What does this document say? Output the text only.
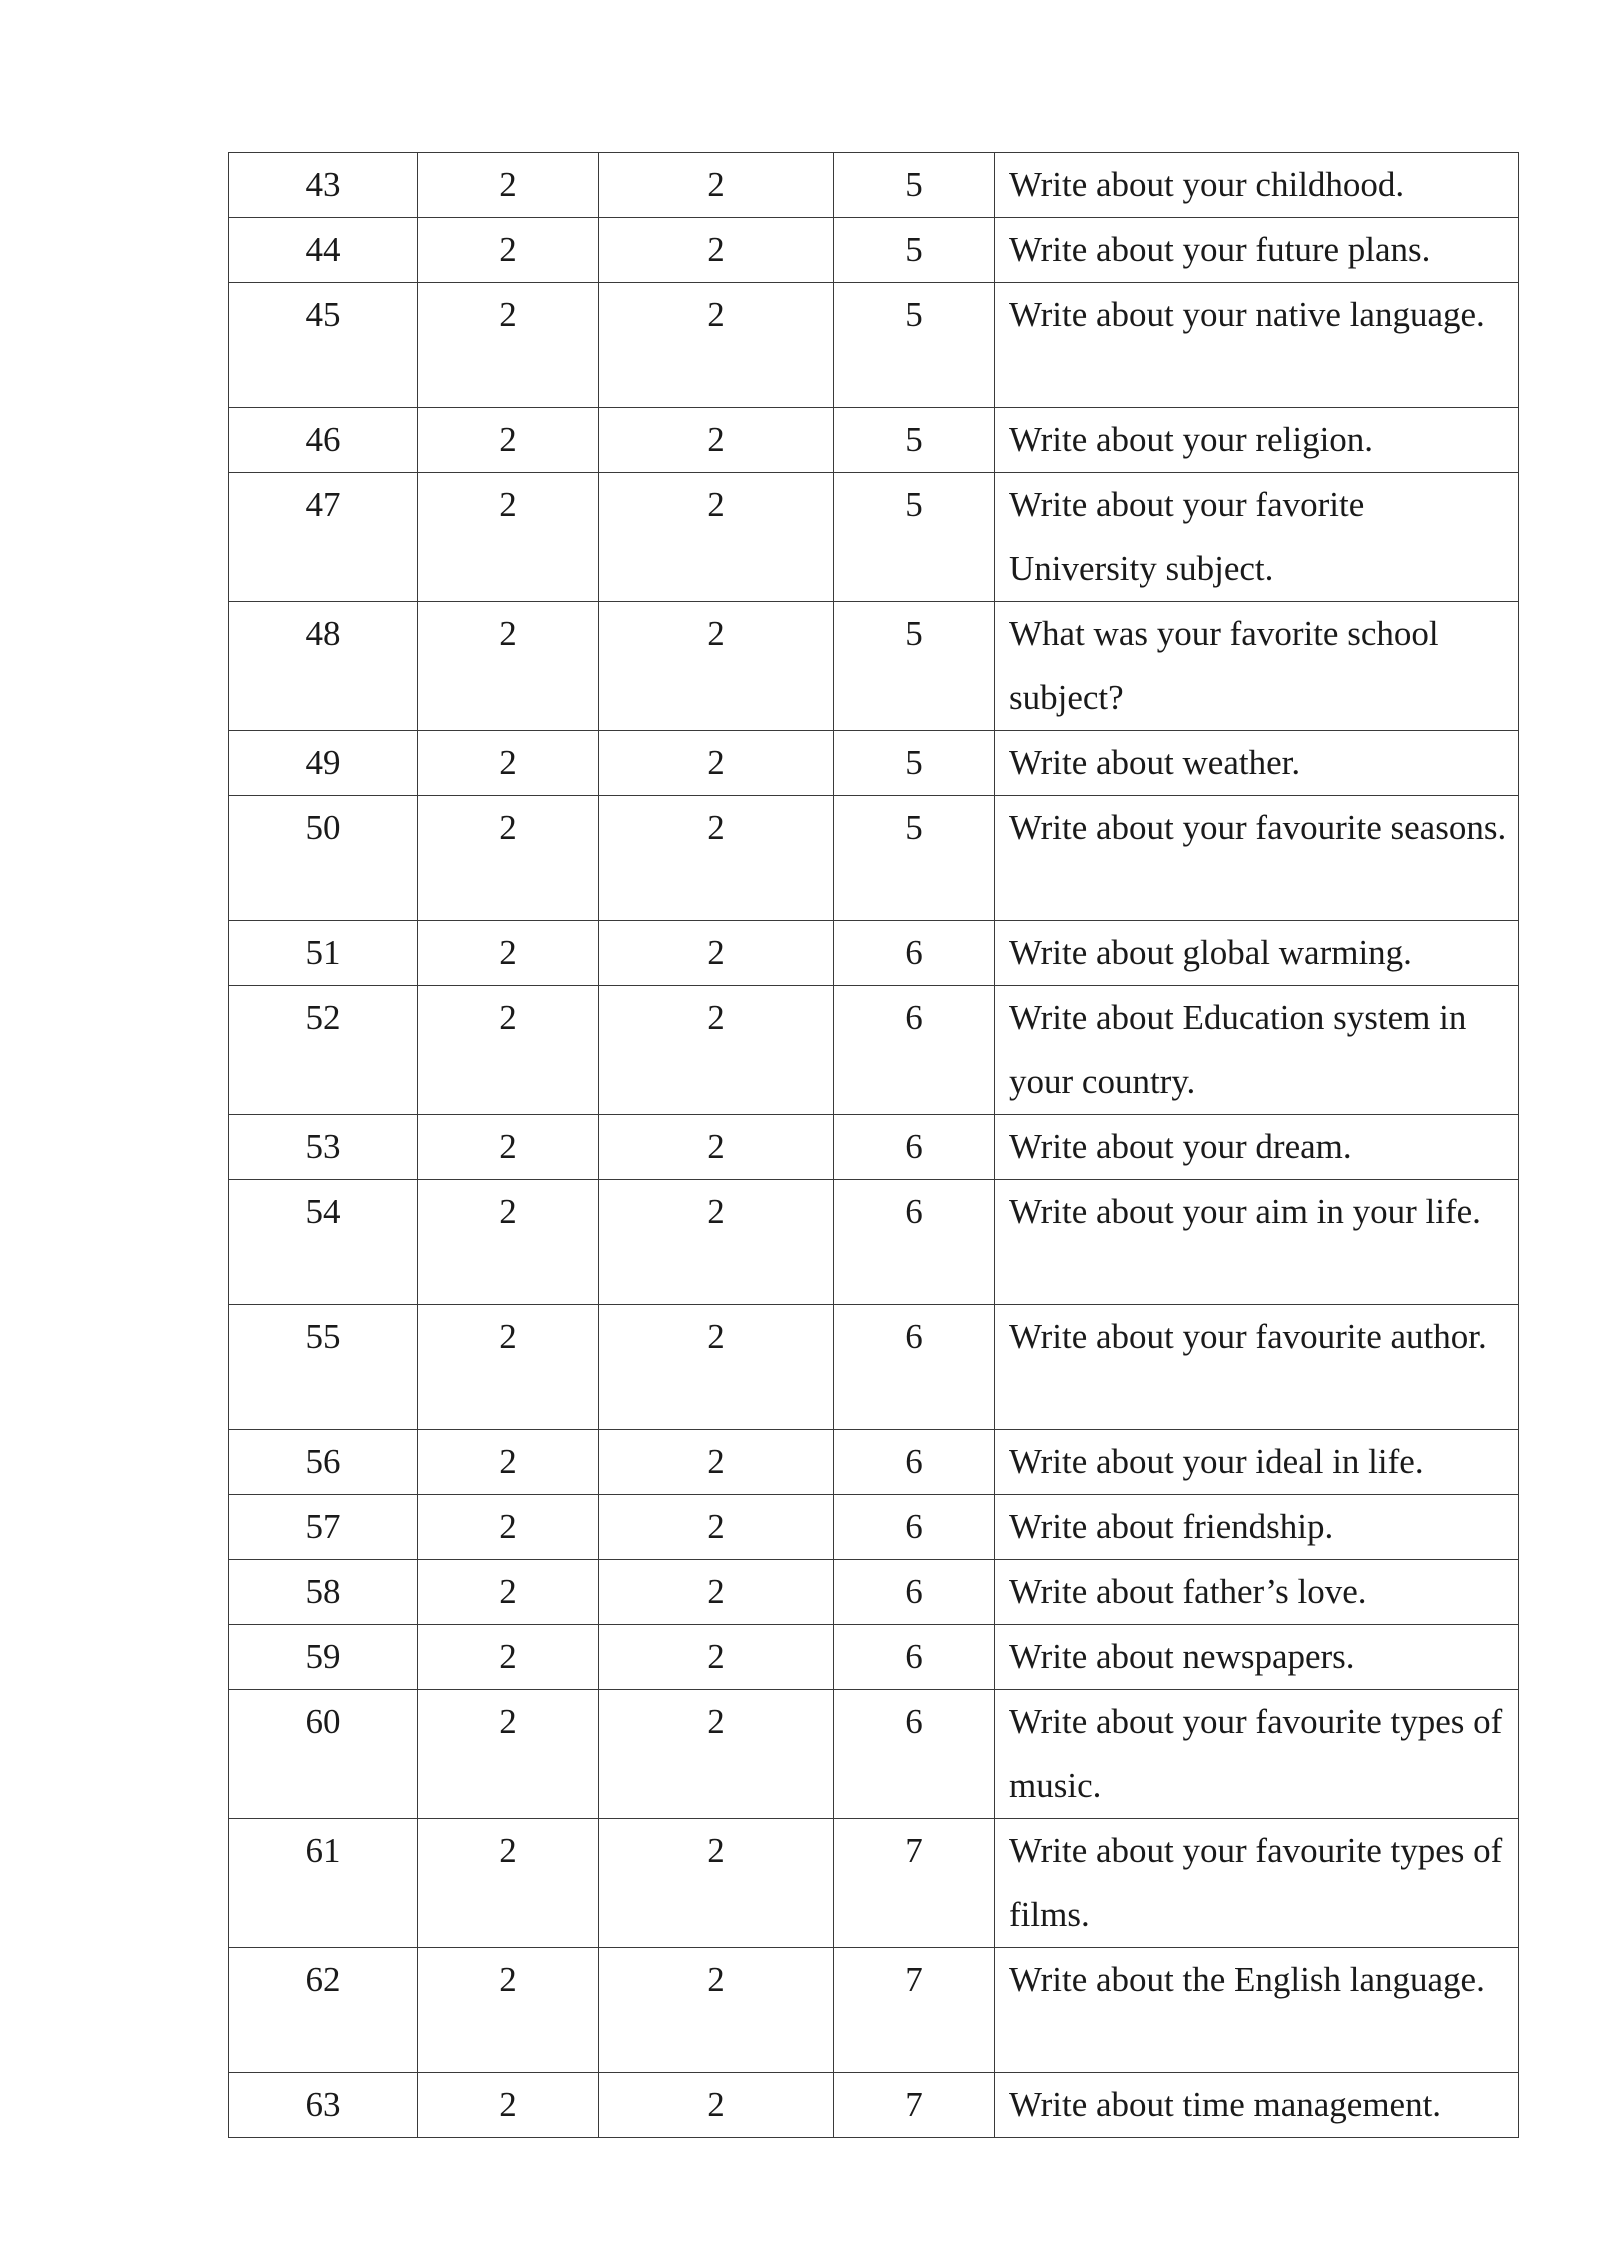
43	2	2	5	Write about your childhood.
44	2	2	5	Write about your future plans.
45	2	2	5	Write about your native language.
46	2	2	5	Write about your religion.
47	2	2	5	Write about your favorite University subject.
48	2	2	5	What was your favorite school subject?
49	2	2	5	Write about weather.
50	2	2	5	Write about your favourite seasons.
51	2	2	6	Write about global warming.
52	2	2	6	Write about Education system in your country.
53	2	2	6	Write about your dream.
54	2	2	6	Write about your aim in your life.
55	2	2	6	Write about your favourite author.
56	2	2	6	Write about your ideal in life.
57	2	2	6	Write about friendship.
58	2	2	6	Write about father’s love.
59	2	2	6	Write about newspapers.
60	2	2	6	Write about your favourite types of music.
61	2	2	7	Write about your favourite types of films.
62	2	2	7	Write about the English language.
63	2	2	7	Write about time management.
